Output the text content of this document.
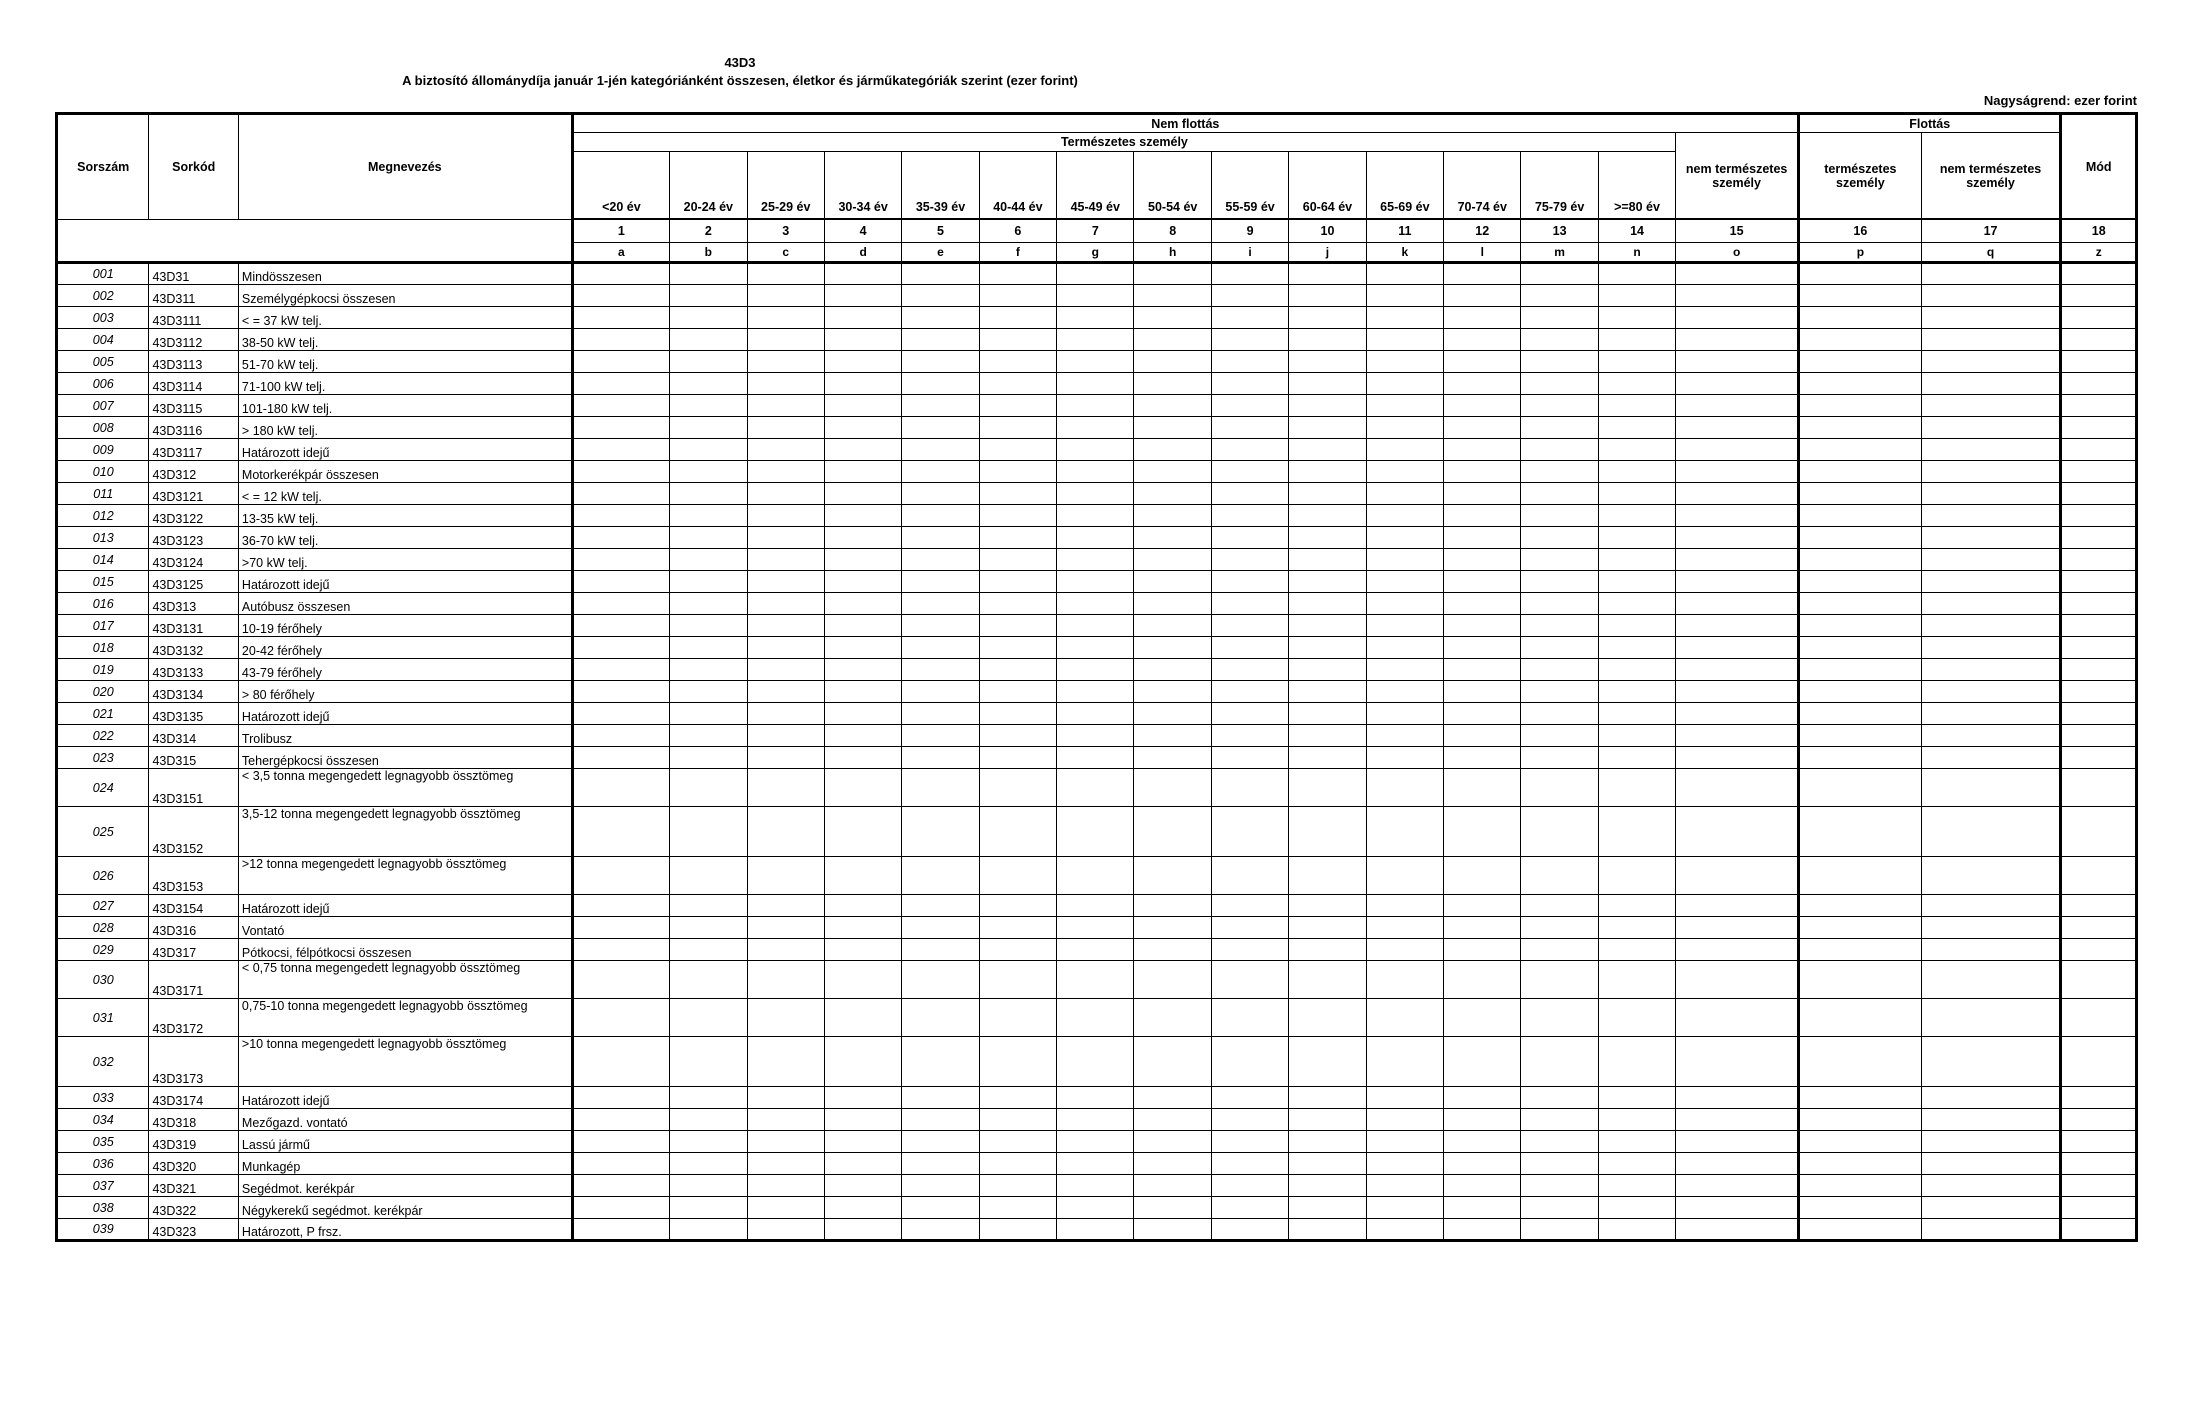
43D3
A biztosító állománydíja január 1-jén kategóriánként összesen, életkor és járműkategóriák szerint (ezer forint)
Nagyságrend: ezer forint
Sorszám	Sorkód	Megnevezés	Nem flottás															Flottás		Mód
			Természetes személy														nem természetes személy	természetes személy	nem természetes személy	
			<20 év	20-24 év	25-29 év	30-34 év	35-39 év	40-44 év	45-49 év	50-54 év	55-59 év	60-64 év	65-69 év	70-74 év	75-79 év	>=80 év				
			1	2	3	4	5	6	7	8	9	10	11	12	13	14	15	16	17	18
			a	b	c	d	e	f	g	h	i	j	k	l	m	n	o	p	q	z
001	43D31	Mindösszesen																		
002	43D311	Személygépkocsi összesen																		
003	43D3111	< = 37 kW telj.																		
004	43D3112	38-50 kW telj.																		
005	43D3113	51-70 kW telj.																		
006	43D3114	71-100 kW telj.																		
007	43D3115	101-180 kW telj.																		
008	43D3116	> 180 kW telj.																		
009	43D3117	Határozott idejű																		
010	43D312	Motorkerékpár összesen																		
011	43D3121	< = 12 kW telj.																		
012	43D3122	13-35 kW telj.																		
013	43D3123	36-70 kW telj.																		
014	43D3124	>70 kW telj.																		
015	43D3125	Határozott idejű																		
016	43D313	Autóbusz összesen																		
017	43D3131	10-19 férőhely																		
018	43D3132	20-42 férőhely																		
019	43D3133	43-79 férőhely																		
020	43D3134	> 80 férőhely																		
021	43D3135	Határozott idejű																		
022	43D314	Trolibusz																		
023	43D315	Tehergépkocsi összesen																		
024	43D3151	< 3,5 tonna megengedett legnagyobb össztömeg																		
025	43D3152	3,5-12 tonna megengedett legnagyobb össztömeg																		
026	43D3153	>12 tonna megengedett legnagyobb össztömeg																		
027	43D3154	Határozott idejű																		
028	43D316	Vontató																		
029	43D317	Pótkocsi, félpótkocsi összesen																		
030	43D3171	< 0,75 tonna megengedett legnagyobb össztömeg																		
031	43D3172	0,75-10 tonna megengedett legnagyobb össztömeg																		
032	43D3173	>10 tonna megengedett legnagyobb össztömeg																		
033	43D3174	Határozott idejű																		
034	43D318	Mezőgazd. vontató																		
035	43D319	Lassú jármű																		
036	43D320	Munkagép																		
037	43D321	Segédmot. kerékpár																		
038	43D322	Négykerekű segédmot. kerékpár																		
039	43D323	Határozott, P frsz.																		
